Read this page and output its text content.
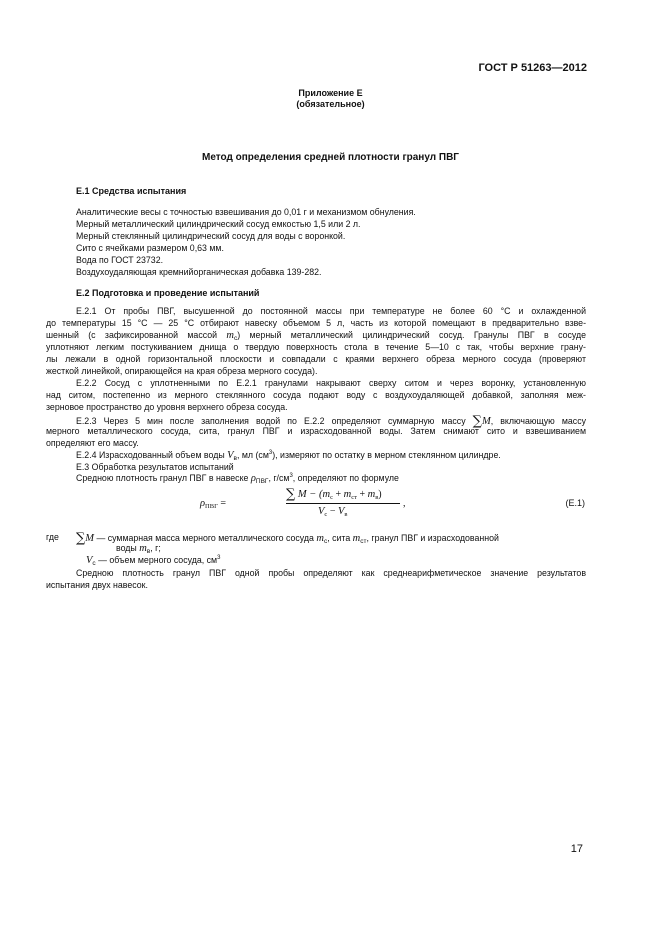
ГОСТ Р 51263—2012
Приложение Е
(обязательное)
Метод определения средней плотности гранул ПВГ
Е.1 Средства испытания
Аналитические весы с точностью взвешивания до 0,01 г и механизмом обнуления.
Мерный металлический цилиндрический сосуд емкостью 1,5 или 2 л.
Мерный стеклянный цилиндрический сосуд для воды с воронкой.
Сито с ячейками размером 0,63 мм.
Вода по ГОСТ 23732.
Воздухоудаляющая кремнийорганическая добавка 139-282.
Е.2 Подготовка и проведение испытаний
Е.2.1 От пробы ПВГ, высушенной до постоянной массы при температуре не более 60 °С и охлажденной
до температуры 15 °С — 25 °С отбирают навеску объемом 5 л, часть из которой помещают в предварительно взве-
шенный (с зафиксированной массой $m_с$) мерный металлический цилиндрический сосуд. Гранулы ПВГ в сосуде
уплотняют легким постукиванием днища о твердую поверхность стола в течение 5—10 с так, чтобы верхние грану-
лы лежали в одной горизонтальной плоскости и совпадали с краями верхнего обреза мерного сосуда (проверяют
жесткой линейкой, опирающейся на края обреза мерного сосуда).
Е.2.2 Сосуд с уплотненными по Е.2.1 гранулами накрывают сверху ситом и через воронку, установленную
над ситом, постепенно из мерного стеклянного сосуда подают воду с воздухоудаляющей добавкой, заполняя меж-
зерновое пространство до уровня верхнего обреза сосуда.
Е.2.3 Через 5 мин после заполнения водой по Е.2.2 определяют суммарную массу ∑M, включающую массу
мерного металлического сосуда, сита, гранул ПВГ и израсходованной воды. Затем снимают сито и взвешиванием
определяют его массу.
Е.2.4 Израсходованный объем воды $V_в$, мл $(см^3)$, измеряют по остатку в мерном стеклянном цилиндре.
Е.3 Обработка результатов испытаний
Средною плотность гранул ПВГ в навеске $\rho_{ПВГ}$, $г/см^3$, определяют по формуле
$\rho_{ПВГ}$ =
∑ $M - (m_с + m_{ст} + m_в)$
$V_с - V_в$
,	(Е.1)
где ∑M — суммарная масса мерного металлического сосуда $m_с$, сита $m_{ст}$, гранул ПВГ и израсходованной
воды $m_в$, г;
$V_с$ — объем мерного сосуда, $см^3$
Средною плотность гранул ПВГ одной пробы определяют как среднеарифметическое значение результатов
испытания двух навесок.
17
